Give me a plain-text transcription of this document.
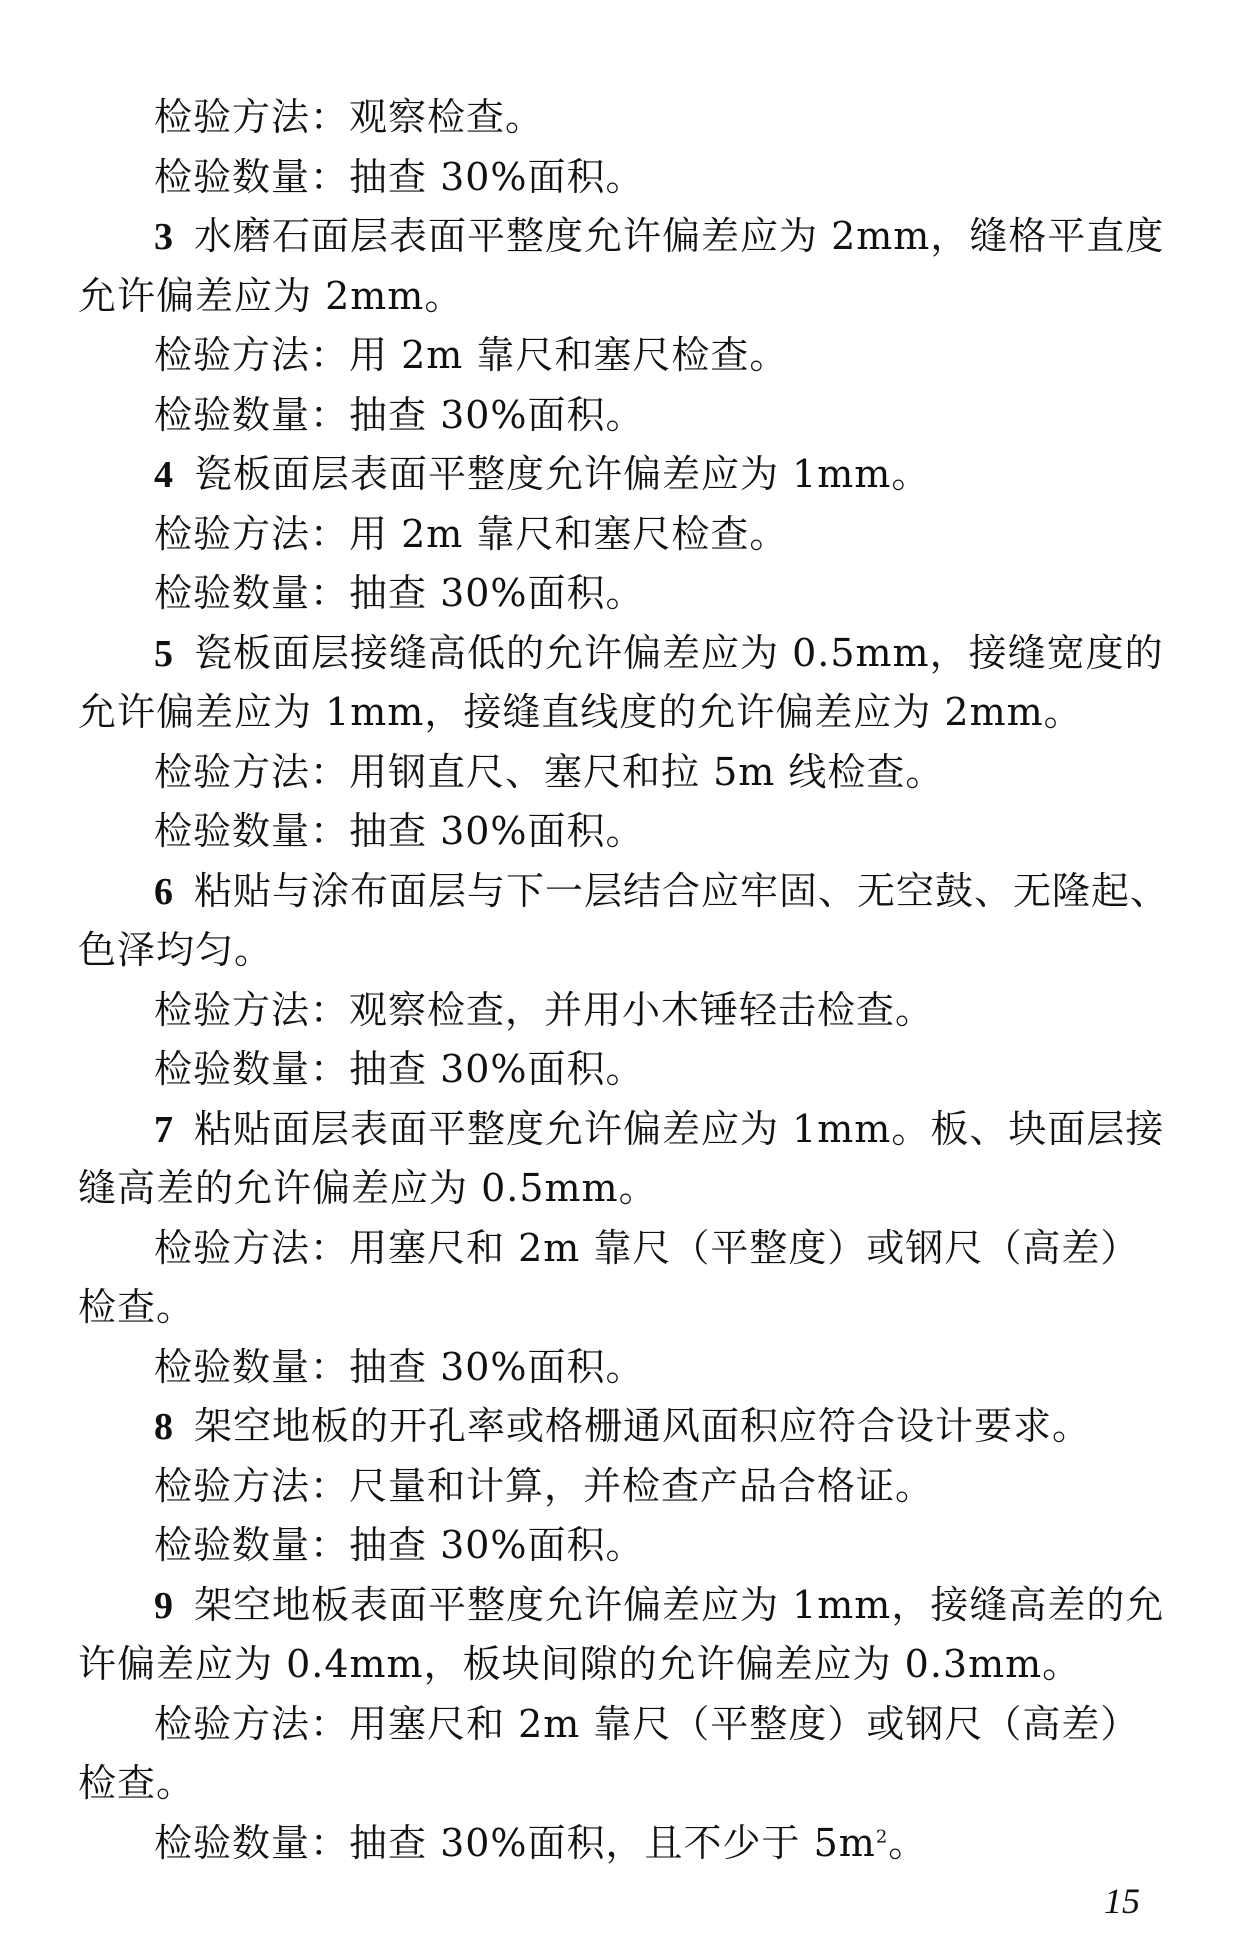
检验方法：观察检查。
检验数量：抽查 30%面积。
3 水磨石面层表面平整度允许偏差应为 2mm，缝格平直度
允许偏差应为 2mm。
检验方法：用 2m 靠尺和塞尺检查。
检验数量：抽查 30%面积。
4 瓷板面层表面平整度允许偏差应为 1mm。
检验方法：用 2m 靠尺和塞尺检查。
检验数量：抽查 30%面积。
5 瓷板面层接缝高低的允许偏差应为 0.5mm，接缝宽度的
允许偏差应为 1mm，接缝直线度的允许偏差应为 2mm。
检验方法：用钢直尺、塞尺和拉 5m 线检查。
检验数量：抽查 30%面积。
6 粘贴与涂布面层与下一层结合应牢固、无空鼓、无隆起、
色泽均匀。
检验方法：观察检查，并用小木锤轻击检查。
检验数量：抽查 30%面积。
7 粘贴面层表面平整度允许偏差应为 1mm。板、块面层接
缝高差的允许偏差应为 0.5mm。
检验方法：用塞尺和 2m 靠尺（平整度）或钢尺（高差）
检查。
检验数量：抽查 30%面积。
8 架空地板的开孔率或格栅通风面积应符合设计要求。
检验方法：尺量和计算，并检查产品合格证。
检验数量：抽查 30%面积。
9 架空地板表面平整度允许偏差应为 1mm，接缝高差的允
许偏差应为 0.4mm，板块间隙的允许偏差应为 0.3mm。
检验方法：用塞尺和 2m 靠尺（平整度）或钢尺（高差）
检查。
检验数量：抽查 30%面积，且不少于 $5m^2$。
15
